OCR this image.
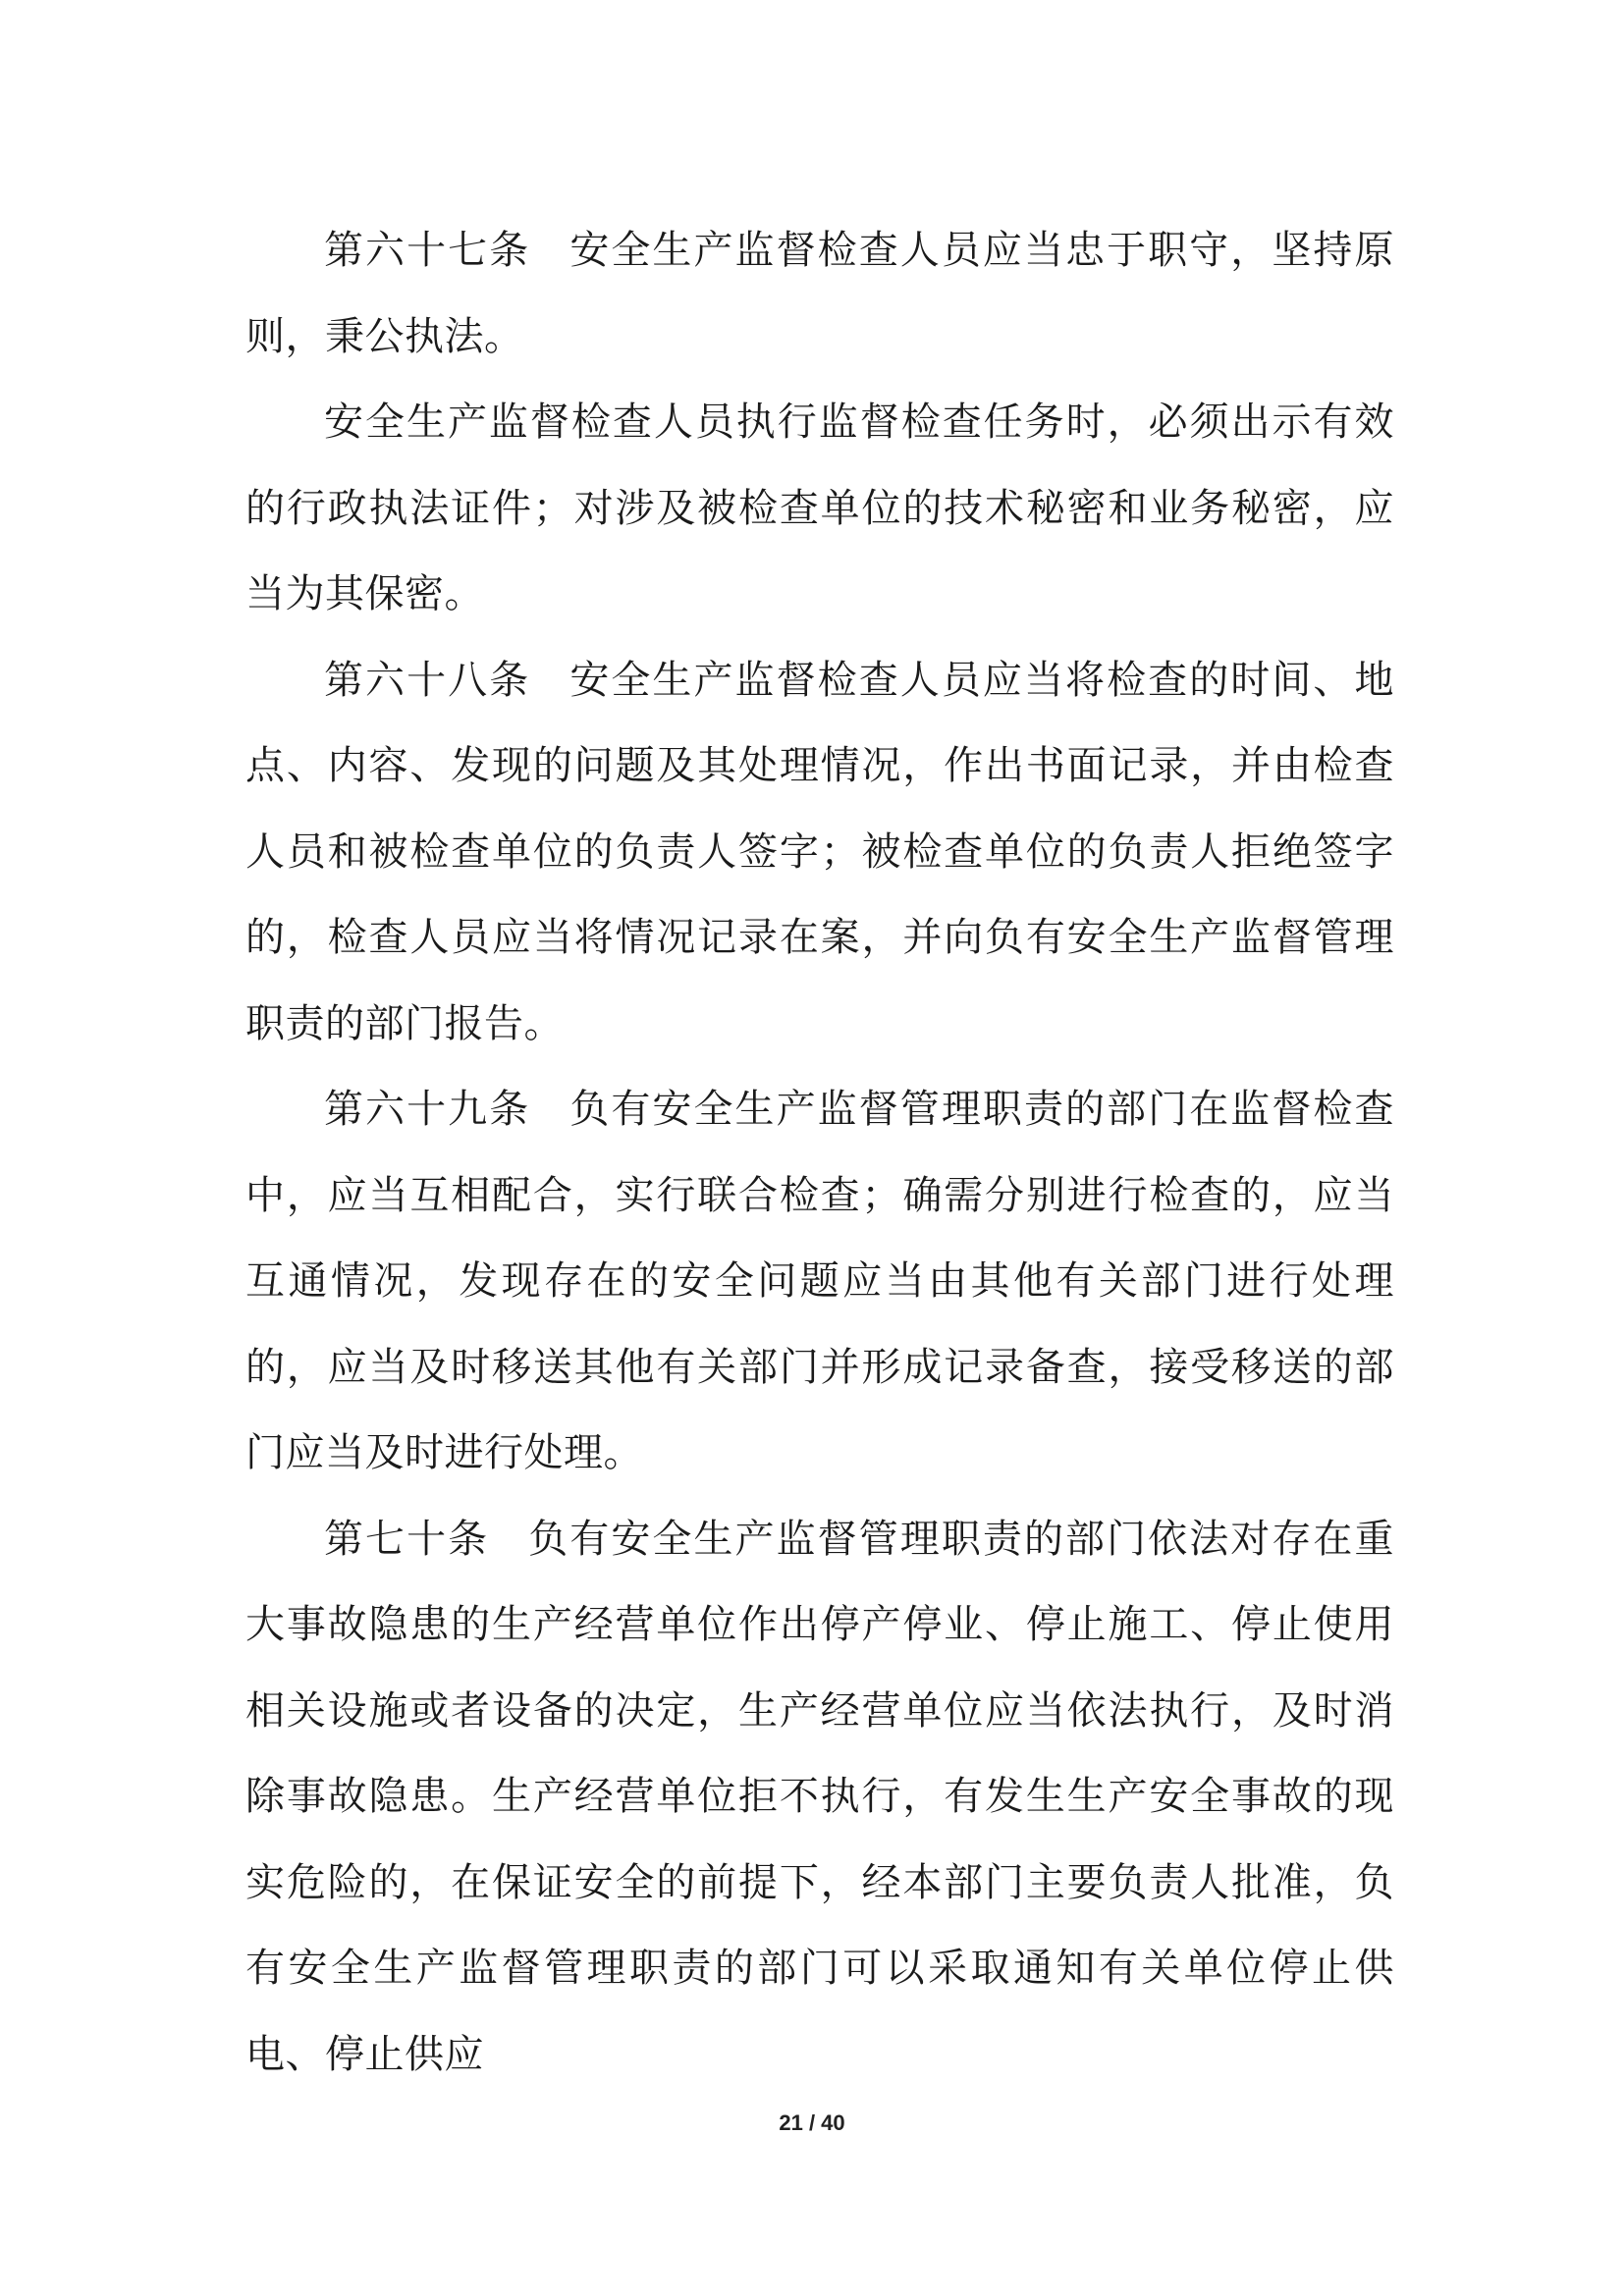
第六十七条 安全生产监督检查人员应当忠于职守，坚持原则，秉公执法。

安全生产监督检查人员执行监督检查任务时，必须出示有效的行政执法证件；对涉及被检查单位的技术秘密和业务秘密，应当为其保密。

第六十八条 安全生产监督检查人员应当将检查的时间、地点、内容、发现的问题及其处理情况，作出书面记录，并由检查人员和被检查单位的负责人签字；被检查单位的负责人拒绝签字的，检查人员应当将情况记录在案，并向负有安全生产监督管理职责的部门报告。

第六十九条 负有安全生产监督管理职责的部门在监督检查中，应当互相配合，实行联合检查；确需分别进行检查的，应当互通情况，发现存在的安全问题应当由其他有关部门进行处理的，应当及时移送其他有关部门并形成记录备查，接受移送的部门应当及时进行处理。

第七十条 负有安全生产监督管理职责的部门依法对存在重大事故隐患的生产经营单位作出停产停业、停止施工、停止使用相关设施或者设备的决定，生产经营单位应当依法执行，及时消除事故隐患。生产经营单位拒不执行，有发生生产安全事故的现实危险的，在保证安全的前提下，经本部门主要负责人批准，负有安全生产监督管理职责的部门可以采取通知有关单位停止供电、停止供应

21 / 40
